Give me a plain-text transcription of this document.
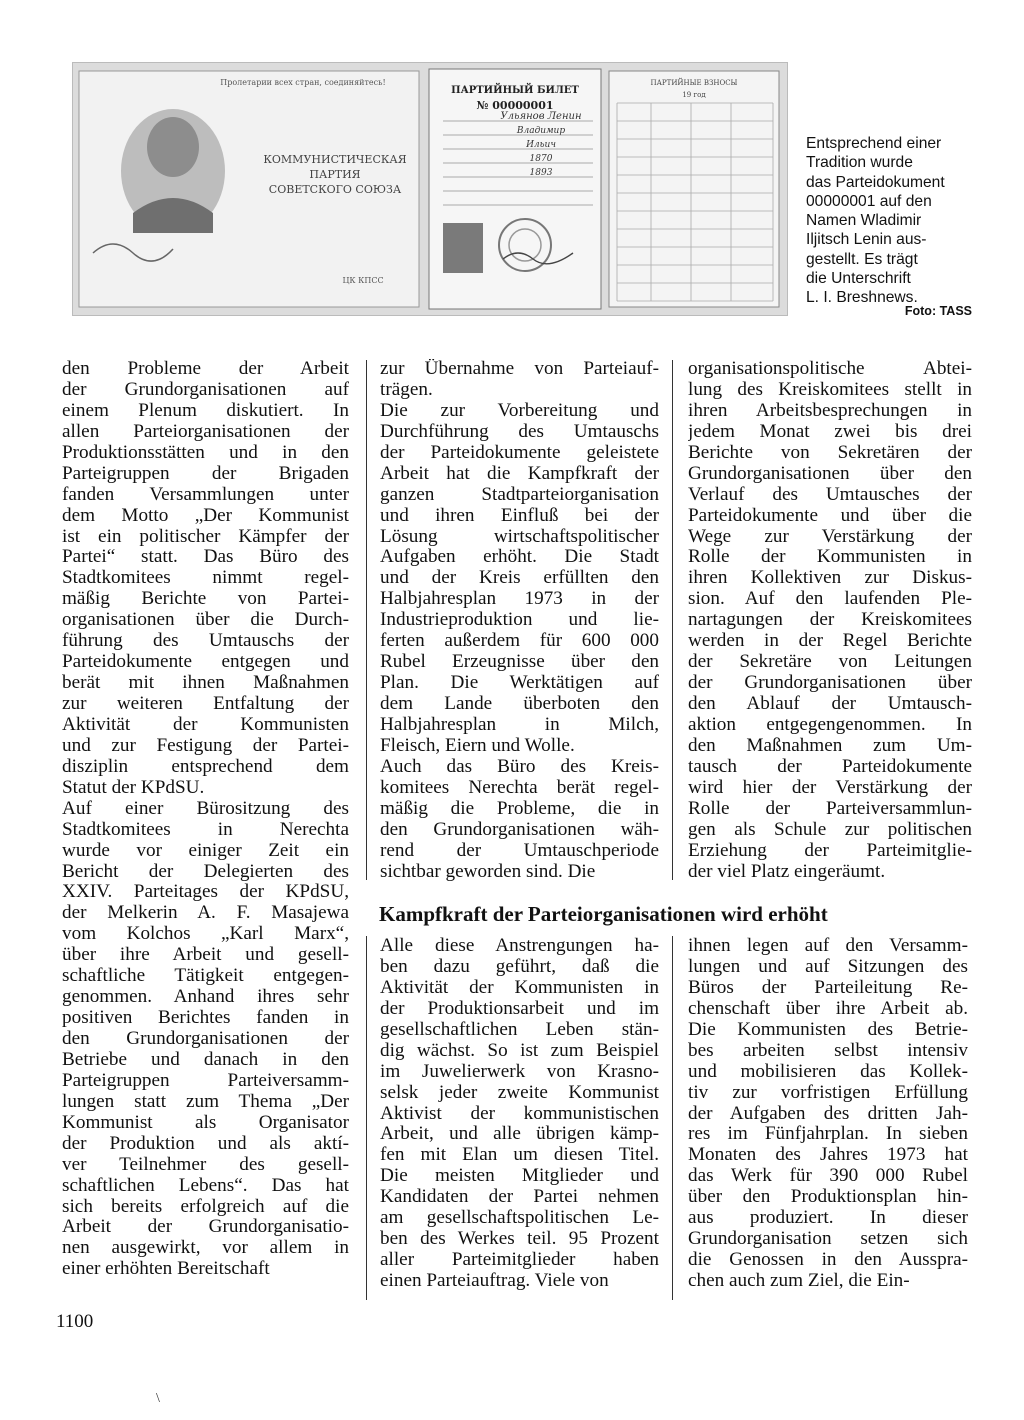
Пролетарии всех стран, соединяйтесь!
КОММУНИСТИЧЕСКАЯ
ПАРТИЯ
СОВЕТСКОГО СОЮЗА
ЦК КПСС
ПАРТИЙНЫЙ БИЛЕТ
№ 00000001
Ульянов Ленин
Владимир
Ильич
1870
1893
ПАРТИЙНЫЕ ВЗНОСЫ
19 год
Entsprechend einer
Tradition wurde
das Parteidokument
00000001 auf den
Namen Wladimir
Iljitsch Lenin aus-
gestellt. Es trägt
die Unterschrift
L. I. Breshnews.
Foto: TASS
den Probleme der Arbeit
der Grundorganisationen auf
einem Plenum diskutiert. In
allen Parteiorganisationen der
Produktionsstätten und in den
Parteigruppen der Brigaden
fanden Versammlungen unter
dem Motto „Der Kommunist
ist ein politischer Kämpfer der
Partei“ statt. Das Büro des
Stadtkomitees nimmt regel-
mäßig Berichte von Partei-
organisationen über die Durch-
führung des Umtauschs der
Parteidokumente entgegen und
berät mit ihnen Maßnahmen
zur weiteren Entfaltung der
Aktivität der Kommunisten
und zur Festigung der Partei-
disziplin entsprechend dem
Statut der KPdSU.
Auf einer Bürositzung des
Stadtkomitees in Nerechta
wurde vor einiger Zeit ein
Bericht der Delegierten des
XXIV. Parteitages der KPdSU,
der Melkerin A. F. Masajewa
vom Kolchos „Karl Marx“,
über ihre Arbeit und gesell-
schaftliche Tätigkeit entgegen-
genommen. Anhand ihres sehr
positiven Berichtes fanden in
den Grundorganisationen der
Betriebe und danach in den
Parteigruppen Parteiversamm-
lungen statt zum Thema „Der
Kommunist als Organisator
der Produktion und als aktí-
ver Teilnehmer des gesell-
schaftlichen Lebens“. Das hat
sich bereits erfolgreich auf die
Arbeit der Grundorganisatio-
nen ausgewirkt, vor allem in
einer erhöhten Bereitschaft
zur Übernahme von Parteiauf-
trägen.
Die zur Vorbereitung und
Durchführung des Umtauschs
der Parteidokumente geleistete
Arbeit hat die Kampfkraft der
ganzen Stadtparteiorganisation
und ihren Einfluß bei der
Lösung wirtschaftspolitischer
Aufgaben erhöht. Die Stadt
und der Kreis erfüllten den
Halbjahresplan 1973 in der
Industrieproduktion und lie-
ferten außerdem für 600 000
Rubel Erzeugnisse über den
Plan. Die Werktätigen auf
dem Lande überboten den
Halbjahresplan in Milch,
Fleisch, Eiern und Wolle.
Auch das Büro des Kreis-
komitees Nerechta berät regel-
mäßig die Probleme, die in
den Grundorganisationen wäh-
rend der Umtauschperiode
sichtbar geworden sind. Die
organisationspolitische Abtei-
lung des Kreiskomitees stellt in
ihren Arbeitsbesprechungen in
jedem Monat zwei bis drei
Berichte von Sekretären der
Grundorganisationen über den
Verlauf des Umtausches der
Parteidokumente und über die
Wege zur Verstärkung der
Rolle der Kommunisten in
ihren Kollektiven zur Diskus-
sion. Auf den laufenden Ple-
nartagungen der Kreiskomitees
werden in der Regel Berichte
der Sekretäre von Leitungen
der Grundorganisationen über
den Ablauf der Umtausch-
aktion entgegengenommen. In
den Maßnahmen zum Um-
tausch der Parteidokumente
wird hier der Verstärkung der
Rolle der Parteiversammlun-
gen als Schule zur politischen
Erziehung der Parteimitglie-
der viel Platz eingeräumt.
Kampfkraft der Parteiorganisationen wird erhöht
Alle diese Anstrengungen ha-
ben dazu geführt, daß die
Aktivität der Kommunisten in
der Produktionsarbeit und im
gesellschaftlichen Leben stän-
dig wächst. So ist zum Beispiel
im Juwelierwerk von Krasno-
selsk jeder zweite Kommunist
Aktivist der kommunistischen
Arbeit, und alle übrigen kämp-
fen mit Elan um diesen Titel.
Die meisten Mitglieder und
Kandidaten der Partei nehmen
am gesellschaftspolitischen Le-
ben des Werkes teil. 95 Prozent
aller Parteimitglieder haben
einen Parteiauftrag. Viele von
ihnen legen auf den Versamm-
lungen und auf Sitzungen des
Büros der Parteileitung Re-
chenschaft über ihre Arbeit ab.
Die Kommunisten des Betrie-
bes arbeiten selbst intensiv
und mobilisieren das Kollek-
tiv zur vorfristigen Erfüllung
der Aufgaben des dritten Jah-
res im Fünfjahrplan. In sieben
Monaten des Jahres 1973 hat
das Werk für 390 000 Rubel
über den Produktionsplan hin-
aus produziert. In dieser
Grundorganisation setzen sich
die Genossen in den Ausspra-
chen auch zum Ziel, die Ein-
1100
\
